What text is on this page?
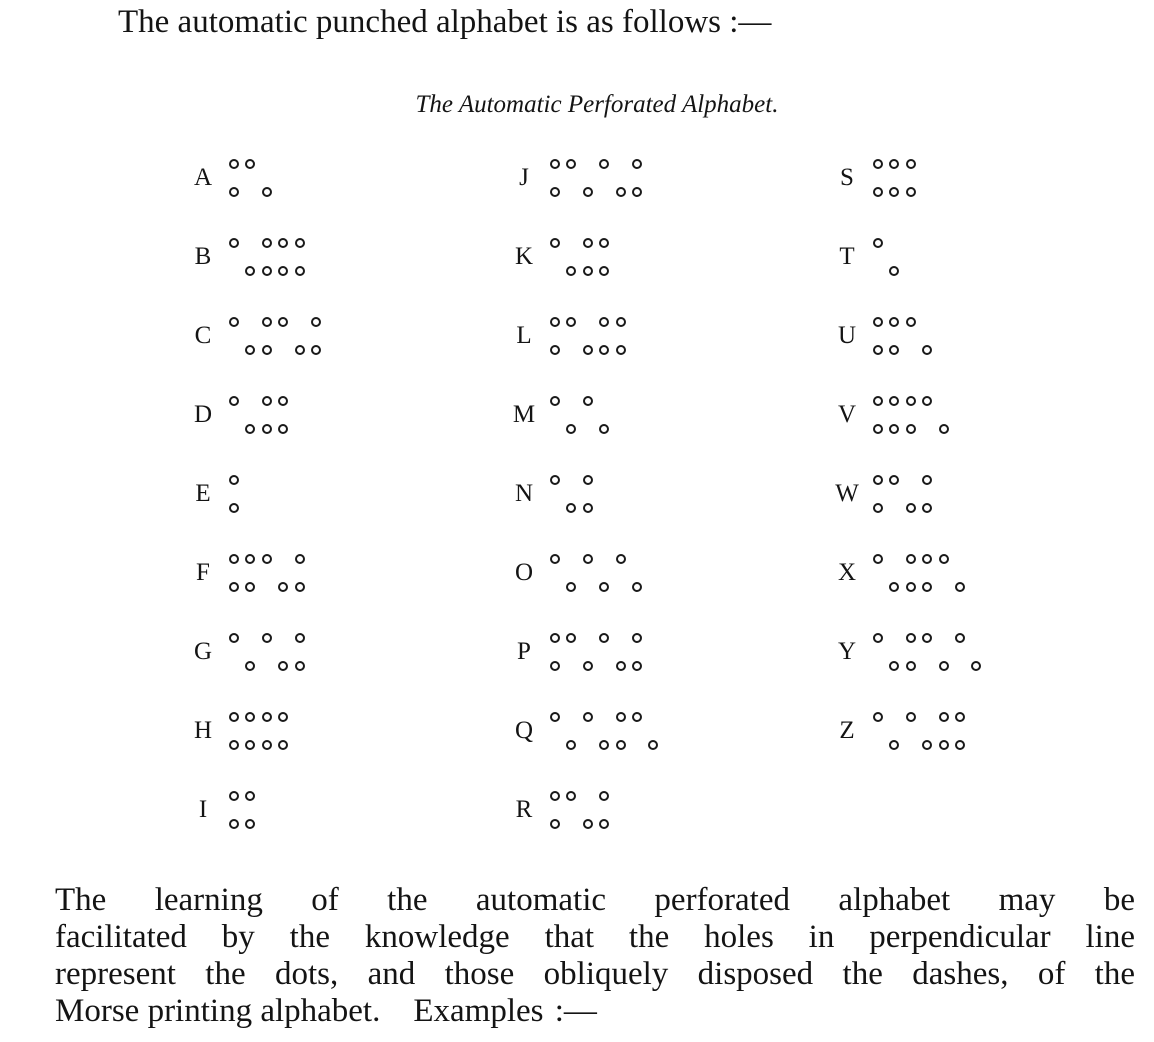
The automatic punched alphabet is as follows :—
The Automatic Perforated Alphabet.
A
B
C
D
E
F
G
H
I
J
K
L
M
N
O
P
Q
R
S
T
U
V
W
X
Y
Z
The learning of the automatic perforated alphabet may be
facilitated by the knowledge that the holes in perpendicular line
represent the dots, and those obliquely disposed the dashes, of the
Morse printing alphabet. Examples :—
